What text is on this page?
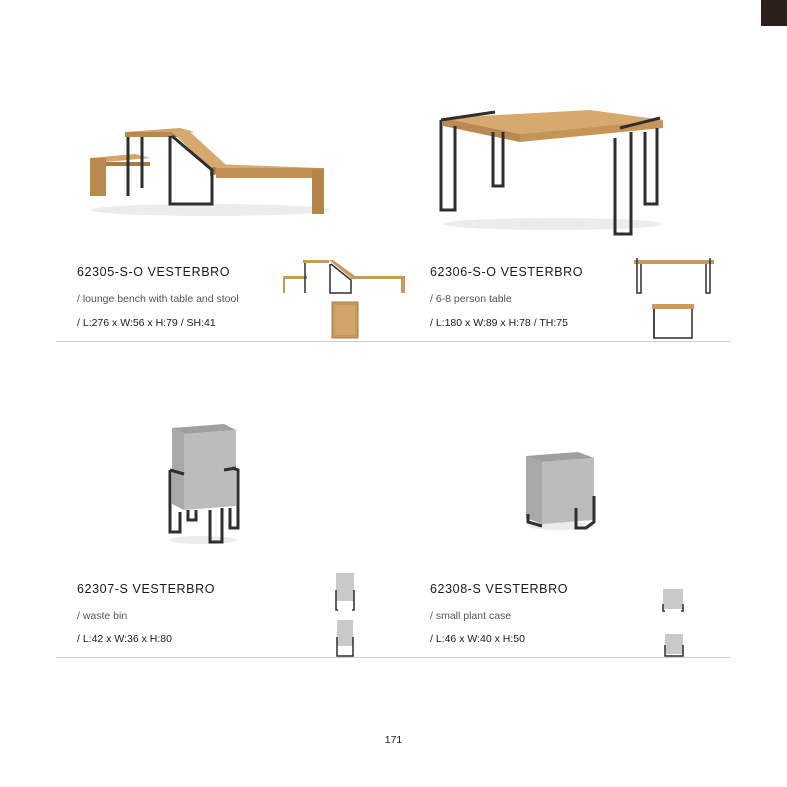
62305-S-O VESTERBRO
/ lounge bench with table and stool
/ L:276 x W:56 x H:79 / SH:41
62306-S-O VESTERBRO
/ 6-8 person table
/ L:180 x W:89 x H:78 / TH:75
62307-S VESTERBRO
/ waste bin
/ L:42 x W:36 x H:80
62308-S VESTERBRO
/ small plant case
/ L:46 x W:40 x H:50
171
